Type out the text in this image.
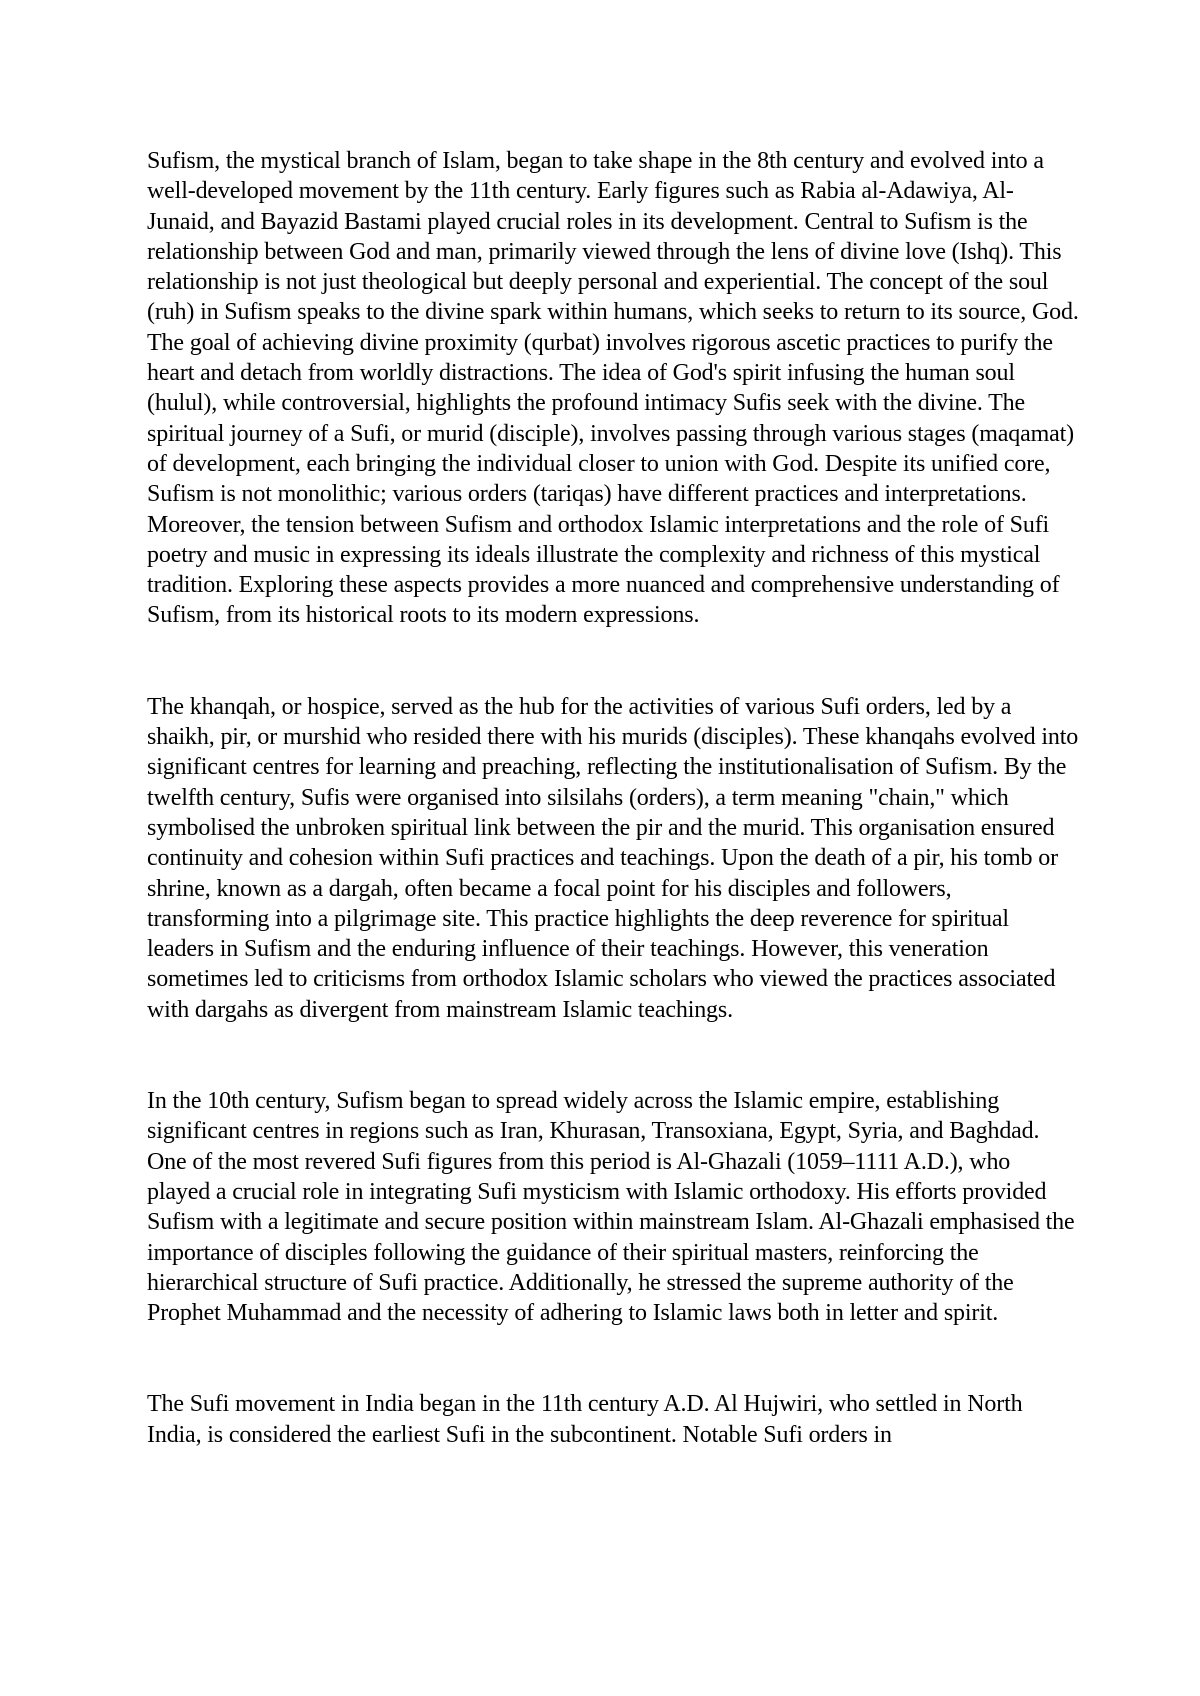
Sufism, the mystical branch of Islam, began to take shape in the 8th century and evolved into a well-developed movement by the 11th century. Early figures such as Rabia al-Adawiya, Al-Junaid, and Bayazid Bastami played crucial roles in its development. Central to Sufism is the relationship between God and man, primarily viewed through the lens of divine love (Ishq). This relationship is not just theological but deeply personal and experiential. The concept of the soul (ruh) in Sufism speaks to the divine spark within humans, which seeks to return to its source, God. The goal of achieving divine proximity (qurbat) involves rigorous ascetic practices to purify the heart and detach from worldly distractions. The idea of God's spirit infusing the human soul (hulul), while controversial, highlights the profound intimacy Sufis seek with the divine. The spiritual journey of a Sufi, or murid (disciple), involves passing through various stages (maqamat) of development, each bringing the individual closer to union with God. Despite its unified core, Sufism is not monolithic; various orders (tariqas) have different practices and interpretations. Moreover, the tension between Sufism and orthodox Islamic interpretations and the role of Sufi poetry and music in expressing its ideals illustrate the complexity and richness of this mystical tradition. Exploring these aspects provides a more nuanced and comprehensive understanding of Sufism, from its historical roots to its modern expressions.

The khanqah, or hospice, served as the hub for the activities of various Sufi orders, led by a shaikh, pir, or murshid who resided there with his murids (disciples). These khanqahs evolved into significant centres for learning and preaching, reflecting the institutionalisation of Sufism. By the twelfth century, Sufis were organised into silsilahs (orders), a term meaning "chain," which symbolised the unbroken spiritual link between the pir and the murid. This organisation ensured continuity and cohesion within Sufi practices and teachings. Upon the death of a pir, his tomb or shrine, known as a dargah, often became a focal point for his disciples and followers, transforming into a pilgrimage site. This practice highlights the deep reverence for spiritual leaders in Sufism and the enduring influence of their teachings. However, this veneration sometimes led to criticisms from orthodox Islamic scholars who viewed the practices associated with dargahs as divergent from mainstream Islamic teachings.

In the 10th century, Sufism began to spread widely across the Islamic empire, establishing significant centres in regions such as Iran, Khurasan, Transoxiana, Egypt, Syria, and Baghdad. One of the most revered Sufi figures from this period is Al-Ghazali (1059–1111 A.D.), who played a crucial role in integrating Sufi mysticism with Islamic orthodoxy. His efforts provided Sufism with a legitimate and secure position within mainstream Islam. Al-Ghazali emphasised the importance of disciples following the guidance of their spiritual masters, reinforcing the hierarchical structure of Sufi practice. Additionally, he stressed the supreme authority of the Prophet Muhammad and the necessity of adhering to Islamic laws both in letter and spirit.

The Sufi movement in India began in the 11th century A.D. Al Hujwiri, who settled in North India, is considered the earliest Sufi in the subcontinent. Notable Sufi orders in
